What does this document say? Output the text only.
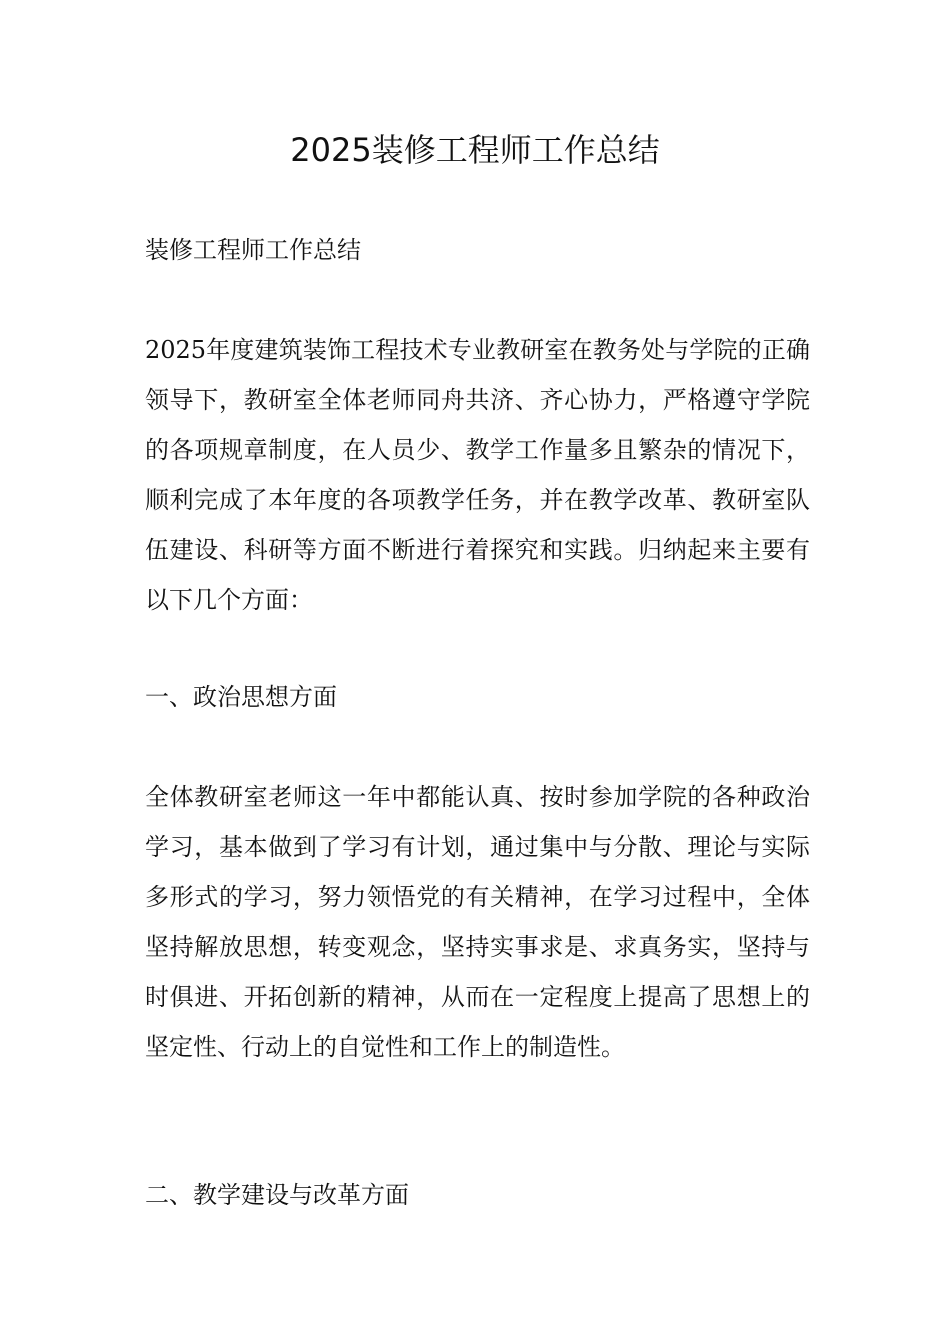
2025装修工程师工作总结

装修工程师工作总结

2025年度建筑装饰工程技术专业教研室在教务处与学院的正确领导下，教研室全体老师同舟共济、齐心协力，严格遵守学院的各项规章制度，在人员少、教学工作量多且繁杂的情况下，顺利完成了本年度的各项教学任务，并在教学改革、教研室队伍建设、科研等方面不断进行着探究和实践。归纳起来主要有以下几个方面：

一、政治思想方面

全体教研室老师这一年中都能认真、按时参加学院的各种政治学习，基本做到了学习有计划，通过集中与分散、理论与实际多形式的学习，努力领悟党的有关精神，在学习过程中，全体坚持解放思想，转变观念，坚持实事求是、求真务实，坚持与时俱进、开拓创新的精神，从而在一定程度上提高了思想上的坚定性、行动上的自觉性和工作上的制造性。

二、教学建设与改革方面
